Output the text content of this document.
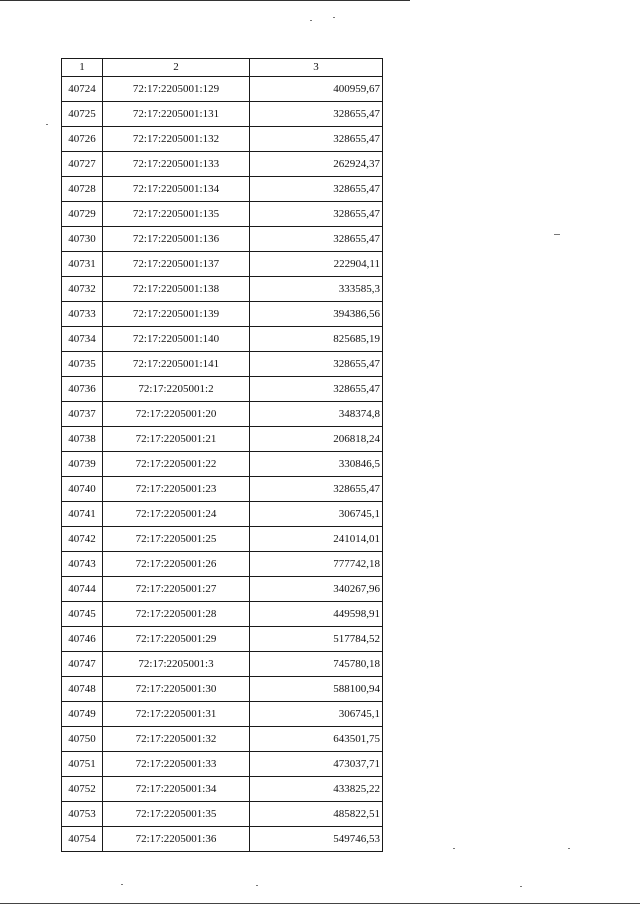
1	2	3
40724	72:17:2205001:129	400959,67
40725	72:17:2205001:131	328655,47
40726	72:17:2205001:132	328655,47
40727	72:17:2205001:133	262924,37
40728	72:17:2205001:134	328655,47
40729	72:17:2205001:135	328655,47
40730	72:17:2205001:136	328655,47
40731	72:17:2205001:137	222904,11
40732	72:17:2205001:138	333585,3
40733	72:17:2205001:139	394386,56
40734	72:17:2205001:140	825685,19
40735	72:17:2205001:141	328655,47
40736	72:17:2205001:2	328655,47
40737	72:17:2205001:20	348374,8
40738	72:17:2205001:21	206818,24
40739	72:17:2205001:22	330846,5
40740	72:17:2205001:23	328655,47
40741	72:17:2205001:24	306745,1
40742	72:17:2205001:25	241014,01
40743	72:17:2205001:26	777742,18
40744	72:17:2205001:27	340267,96
40745	72:17:2205001:28	449598,91
40746	72:17:2205001:29	517784,52
40747	72:17:2205001:3	745780,18
40748	72:17:2205001:30	588100,94
40749	72:17:2205001:31	306745,1
40750	72:17:2205001:32	643501,75
40751	72:17:2205001:33	473037,71
40752	72:17:2205001:34	433825,22
40753	72:17:2205001:35	485822,51
40754	72:17:2205001:36	549746,53
